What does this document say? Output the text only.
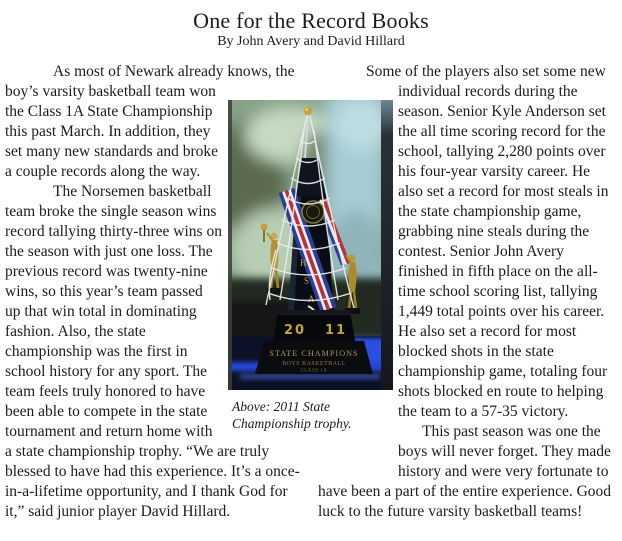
One for the Record Books
By John Avery and David Hillard

As most of Newark already knows, the boy’s varsity basketball team won the Class 1A State Championship this past March. In addition, they set many new standards and broke a couple records along the way.

The Norsemen basketball team broke the single season wins record tallying thirty-three wins on the season with just one loss. The previous record was twenty-nine wins, so this year’s team passed up that win total in dominating fashion. Also, the state championship was the first in school history for any sport. The team feels truly honored to have been able to compete in the state tournament and return home with a state championship trophy. “We are truly blessed to have had this experience. It’s a once-in-a-lifetime opportunity, and I thank God for it,” said junior player David Hillard.

Some of the players also set some new individual records during the season. Senior Kyle Anderson set the all time scoring record for the school, tallying 2,280 points over his four-year varsity career. He also set a record for most steals in the state championship game, grabbing nine steals during the contest. Senior John Avery finished in fifth place on the all-time school scoring list, tallying 1,449 total points over his career. He also set a record for most blocked shots in the state championship game, totaling four shots blocked en route to helping the team to a 57-35 victory.

This past season was one the boys will never forget. They made history and were very fortunate to have been a part of the entire experience. Good luck to the future varsity basketball teams!

H
S
A
20 11
STATE CHAMPIONS
BOYS BASKETBALL
CLASS 1A
Above: 2011 State Championship trophy.
